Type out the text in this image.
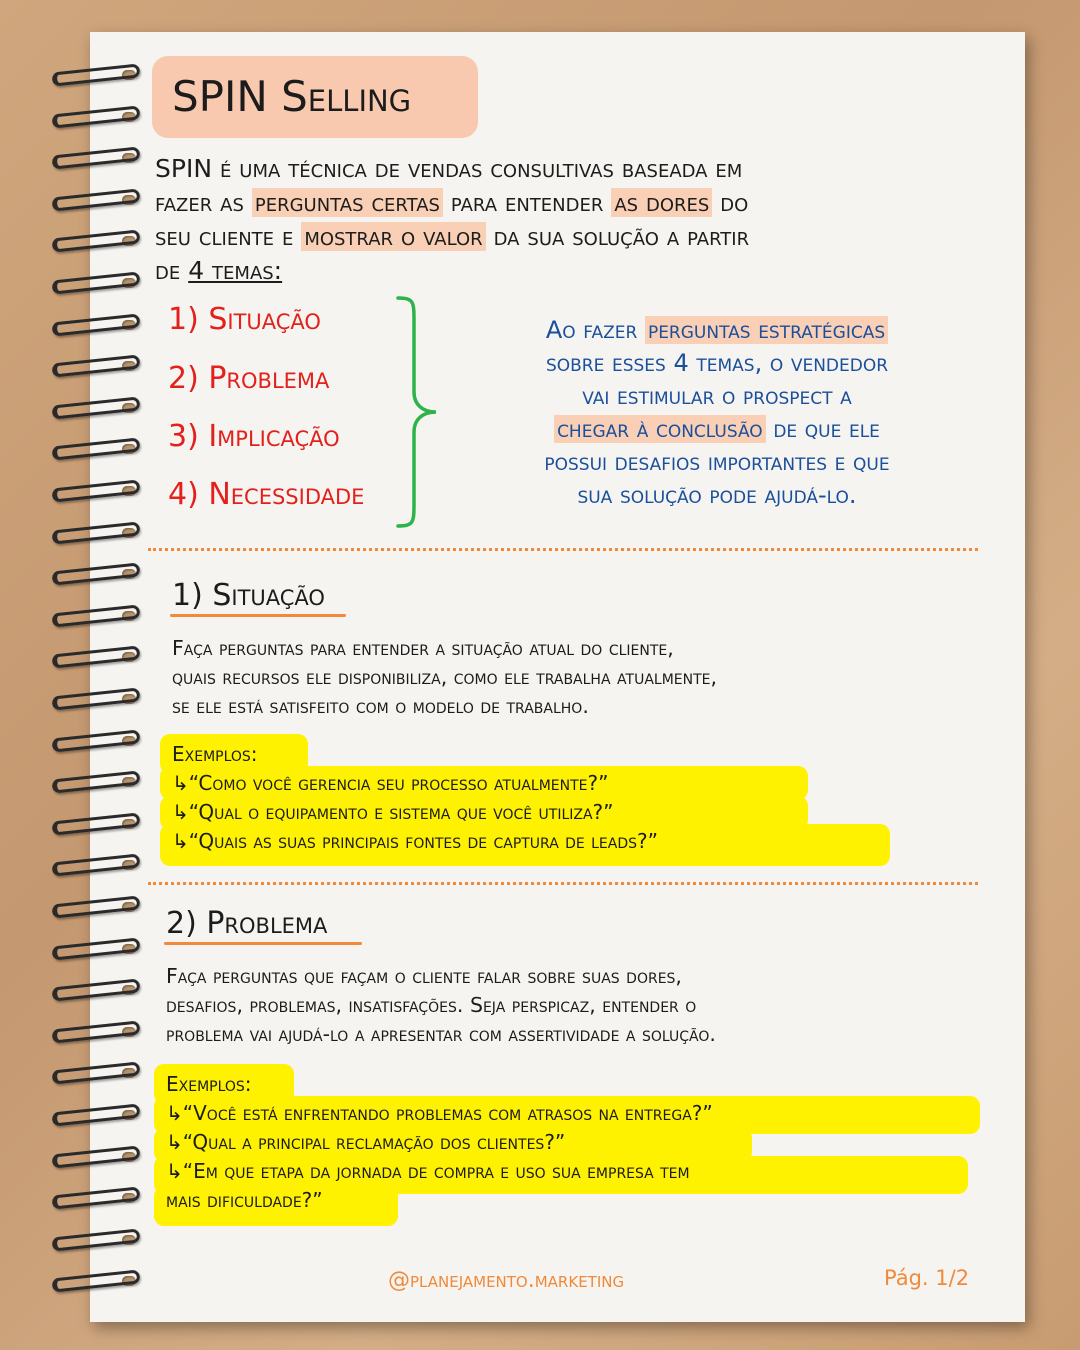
SPIN Selling
SPIN é uma técnica de vendas consultivas baseada em
fazer as perguntas certas para entender as dores do
seu cliente e mostrar o valor da sua solução a partir
de 4 temas:
1) Situação
2) Problema
3) Implicação
4) Necessidade
Ao fazer perguntas estratégicas
sobre esses 4 temas, o vendedor
vai estimular o prospect a
chegar à conclusão de que ele
possui desafios importantes e que
sua solução pode ajudá-lo.
1) Situação
Faça perguntas para entender a situação atual do cliente,
quais recursos ele disponibiliza, como ele trabalha atualmente,
se ele está satisfeito com o modelo de trabalho.
Exemplos:
↳“Como você gerencia seu processo atualmente?”
↳“Qual o equipamento e sistema que você utiliza?”
↳“Quais as suas principais fontes de captura de leads?”
2) Problema
Faça perguntas que façam o cliente falar sobre suas dores,
desafios, problemas, insatisfações. Seja perspicaz, entender o
problema vai ajudá-lo a apresentar com assertividade a solução.
Exemplos:
↳“Você está enfrentando problemas com atrasos na entrega?”
↳“Qual a principal reclamação dos clientes?”
↳“Em que etapa da jornada de compra e uso sua empresa tem
mais dificuldade?”
@planejamento.marketing	Pág. 1/2
